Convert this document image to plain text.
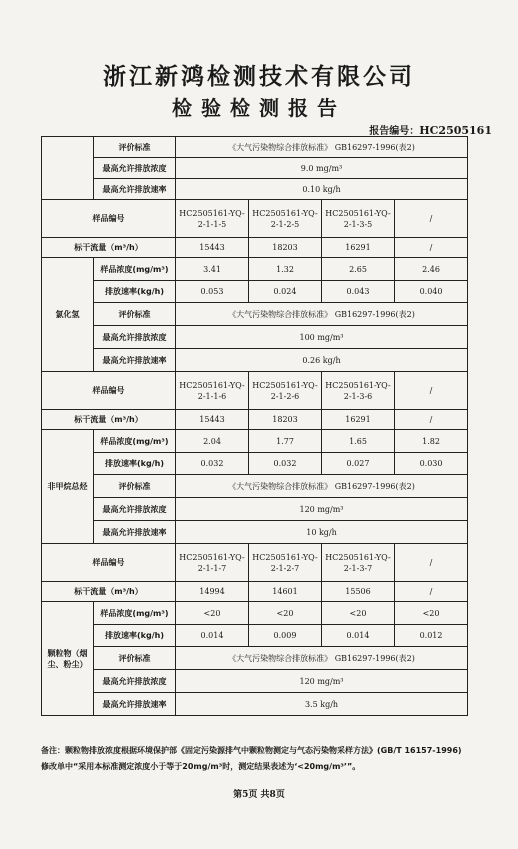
浙江新鸿检测技术有限公司
检验检测报告
报告编号：HC2505161
	评价标准	《大气污染物综合排放标准》 GB16297-1996(表2)			
	最高允许排放浓度	9.0 mg/m³			
	最高允许排放速率	0.10 kg/h			
样品编号		HC2505161-YQ-2-1-1-5	HC2505161-YQ-2-1-2-5	HC2505161-YQ-2-1-3-5	/
标干流量（m³/h）		15443	18203	16291	/
氯化氢	样品浓度(mg/m³)	3.41	1.32	2.65	2.46
	排放速率(kg/h)	0.053	0.024	0.043	0.040
	评价标准	《大气污染物综合排放标准》 GB16297-1996(表2)			
	最高允许排放浓度	100 mg/m³			
	最高允许排放速率	0.26 kg/h			
样品编号		HC2505161-YQ-2-1-1-6	HC2505161-YQ-2-1-2-6	HC2505161-YQ-2-1-3-6	/
标干流量（m³/h）		15443	18203	16291	/
非甲烷总烃	样品浓度(mg/m³)	2.04	1.77	1.65	1.82
	排放速率(kg/h)	0.032	0.032	0.027	0.030
	评价标准	《大气污染物综合排放标准》 GB16297-1996(表2)			
	最高允许排放浓度	120 mg/m³			
	最高允许排放速率	10 kg/h			
样品编号		HC2505161-YQ-2-1-1-7	HC2505161-YQ-2-1-2-7	HC2505161-YQ-2-1-3-7	/
标干流量（m³/h）		14994	14601	15506	/
颗粒物（烟尘、粉尘）	样品浓度(mg/m³)	<20	<20	<20	<20
	排放速率(kg/h)	0.014	0.009	0.014	0.012
	评价标准	《大气污染物综合排放标准》 GB16297-1996(表2)			
	最高允许排放浓度	120 mg/m³			
	最高允许排放速率	3.5 kg/h			
备注：颗粒物排放浓度根据环境保护部《固定污染源排气中颗粒物测定与气态污染物采样方法》(GB/T 16157-1996)
修改单中“采用本标准测定浓度小于等于20mg/m³时，测定结果表述为‘<20mg/m³’”。
第5页 共8页
